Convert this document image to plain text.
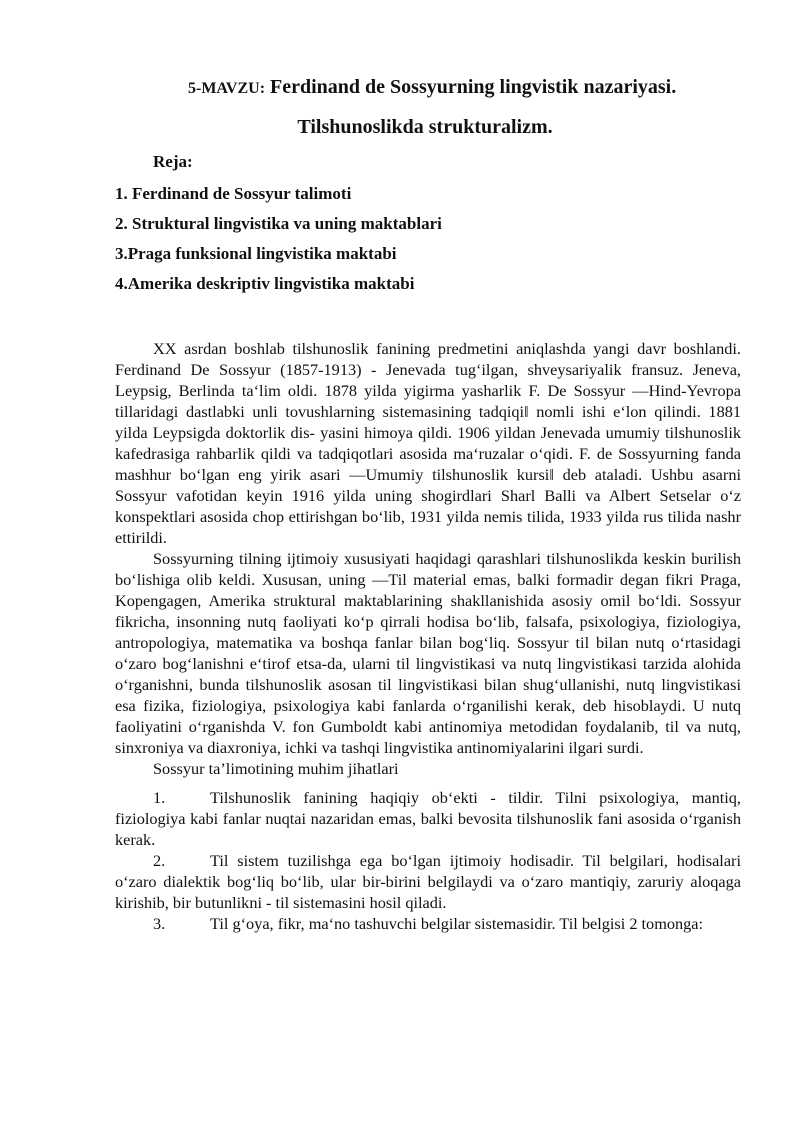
5-MAVZU: Ferdinand de Sossyurning lingvistik nazariyasi.
Tilshunoslikda strukturalizm.
Reja:
1. Ferdinand de Sossyur talimoti
2. Struktural lingvistika va uning maktablari
3.Praga funksional lingvistika maktabi
4.Amerika deskriptiv lingvistika maktabi

XX asrdan boshlab tilshunoslik fanining predmetini aniqlashda yangi davr boshlandi. Ferdinand De Sossyur (1857-1913) - Jenevada tug‘ilgan, shveysariyalik fransuz. Jeneva, Leypsig, Berlinda ta‘lim oldi. 1878 yilda yigirma yasharlik F. De Sossyur ―Hind-Yevropa tillaridagi dastlabki unli tovushlarning sistemasining tadqiqi‖ nomli ishi e‘lon qilindi. 1881 yilda Leypsigda doktorlik dis- yasini himoya qildi. 1906 yildan Jenevada umumiy tilshunoslik kafedrasiga rahbarlik qildi va tadqiqotlari asosida ma‘ruzalar o‘qidi. F. de Sossyurning fanda mashhur bo‘lgan eng yirik asari ―Umumiy tilshunoslik kursi‖ deb ataladi. Ushbu asarni Sossyur vafotidan keyin 1916 yilda uning shogirdlari Sharl Balli va Albert Setselar o‘z konspektlari asosida chop ettirishgan bo‘lib, 1931 yilda nemis tilida, 1933 yilda rus tilida nashr ettirildi.

Sossyurning tilning ijtimoiy xususiyati haqidagi qarashlari tilshunoslikda keskin burilish bo‘lishiga olib keldi. Xususan, uning ―Til material emas, balki formadir degan fikri Praga, Kopengagen, Amerika struktural maktablarining shakllanishida asosiy omil bo‘ldi. Sossyur fikricha, insonning nutq faoliyati ko‘p qirrali hodisa bo‘lib, falsafa, psixologiya, fiziologiya, antropologiya, matematika va boshqa fanlar bilan bog‘liq. Sossyur til bilan nutq o‘rtasidagi o‘zaro bog‘lanishni e‘tirof etsa-da, ularni til lingvistikasi va nutq lingvistikasi tarzida alohida o‘rganishni, bunda tilshunoslik asosan til lingvistikasi bilan shug‘ullanishi, nutq lingvistikasi esa fizika, fiziologiya, psixologiya kabi fanlarda o‘rganilishi kerak, deb hisoblaydi. U nutq faoliyatini o‘rganishda V. fon Gumboldt kabi antinomiya metodidan foydalanib, til va nutq, sinxroniya va diaxroniya, ichki va tashqi lingvistika antinomiyalarini ilgari surdi.

Sossyur ta’limotining muhim jihatlari

1.	Tilshunoslik fanining haqiqiy ob‘ekti - tildir. Tilni psixologiya, mantiq, fiziologiya kabi fanlar nuqtai nazaridan emas, balki bevosita tilshunoslik fani asosida o‘rganish kerak.

2.	Til sistem tuzilishga ega bo‘lgan ijtimoiy hodisadir. Til belgilari, hodisalari o‘zaro dialektik bog‘liq bo‘lib, ular bir-birini belgilaydi va o‘zaro mantiqiy, zaruriy aloqaga kirishib, bir butunlikni - til sistemasini hosil qiladi.

3.	Til g‘oya, fikr, ma‘no tashuvchi belgilar sistemasidir. Til belgisi 2 tomonga:
